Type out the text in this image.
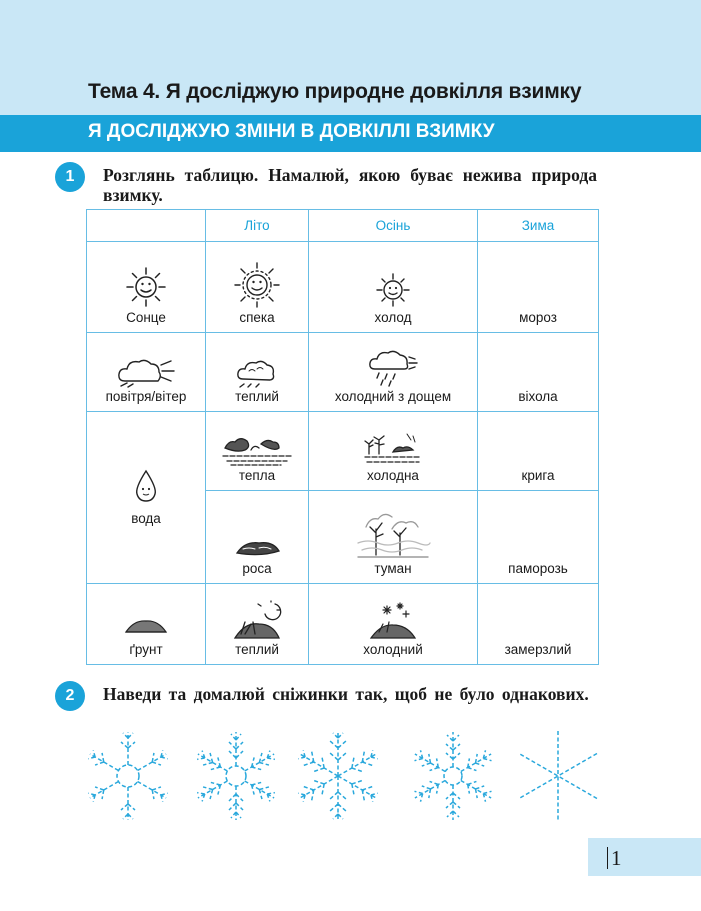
Тема 4. Я досліджую природне довкілля взимку
Я ДОСЛІДЖУЮ ЗМІНИ В ДОВКІЛЛІ ВЗИМКУ
1	Розглянь таблицю. Намалюй, якою буває нежива природа взимку.
	Літо	Осінь	Зима

Сонце	спека	холод	мороз

повітря/вітер	теплий	холодний з дощем	віхола

вода	тепла	холодна	крига

	роса	туман	паморозь

ґрунт	теплий	холодний	замерзлий
2	Наведи та домалюй сніжинки так, щоб не було однакових.
1
